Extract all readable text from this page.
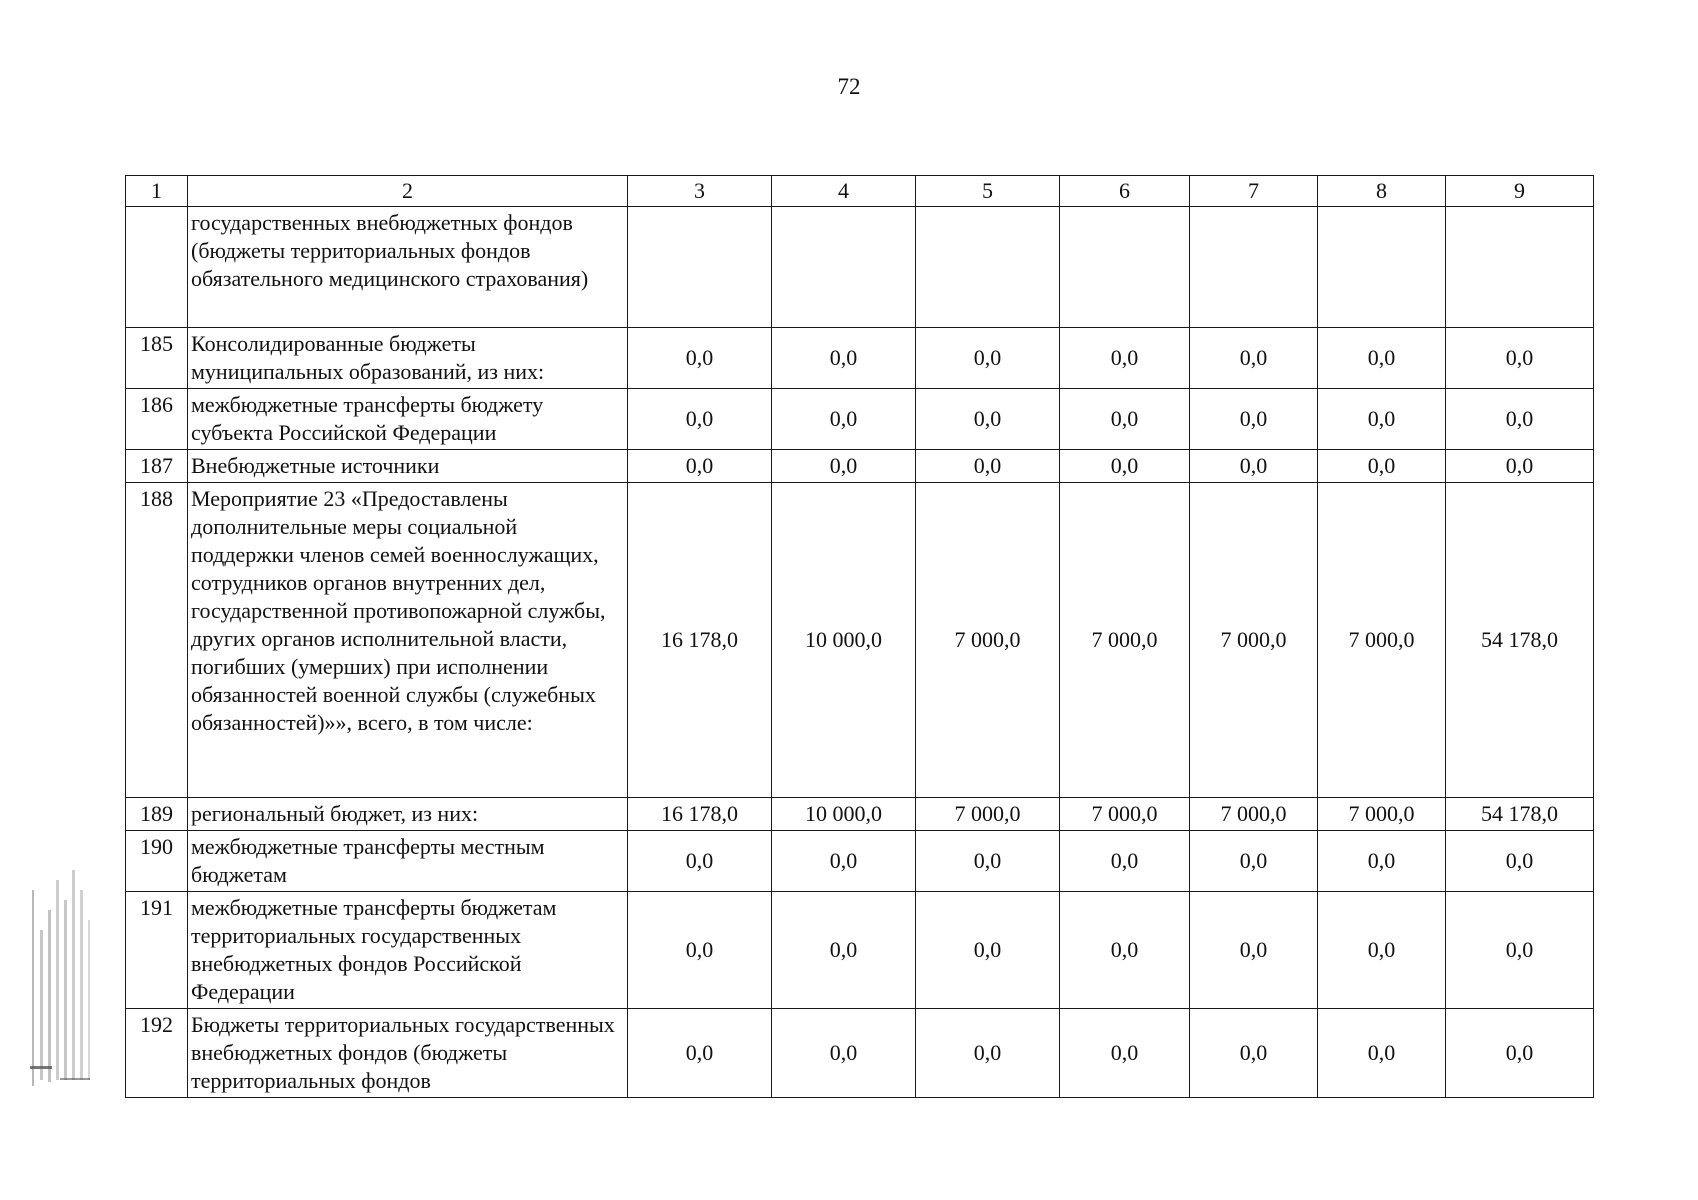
72
1	2	3	4	5	6	7	8	9
	государственных внебюджетных фондов (бюджеты территориальных фондов обязательного медицинского страхования)							
185	Консолидированные бюджеты муниципальных образований, из них:	0,0	0,0	0,0	0,0	0,0	0,0	0,0
186	межбюджетные трансферты бюджету субъекта Российской Федерации	0,0	0,0	0,0	0,0	0,0	0,0	0,0
187	Внебюджетные источники	0,0	0,0	0,0	0,0	0,0	0,0	0,0
188	Мероприятие 23 «Предоставлены дополнительные меры социальной поддержки членов семей военнослужащих, сотрудников органов внутренних дел, государственной противопожарной службы, других органов исполнительной власти, погибших (умерших) при исполнении обязанностей военной службы (служебных обязанностей)»», всего, в том числе:	16 178,0	10 000,0	7 000,0	7 000,0	7 000,0	7 000,0	54 178,0
189	региональный бюджет, из них:	16 178,0	10 000,0	7 000,0	7 000,0	7 000,0	7 000,0	54 178,0
190	межбюджетные трансферты местным бюджетам	0,0	0,0	0,0	0,0	0,0	0,0	0,0
191	межбюджетные трансферты бюджетам территориальных государственных внебюджетных фондов Российской Федерации	0,0	0,0	0,0	0,0	0,0	0,0	0,0
192	Бюджеты территориальных государственных внебюджетных фондов (бюджеты территориальных фондов	0,0	0,0	0,0	0,0	0,0	0,0	0,0
